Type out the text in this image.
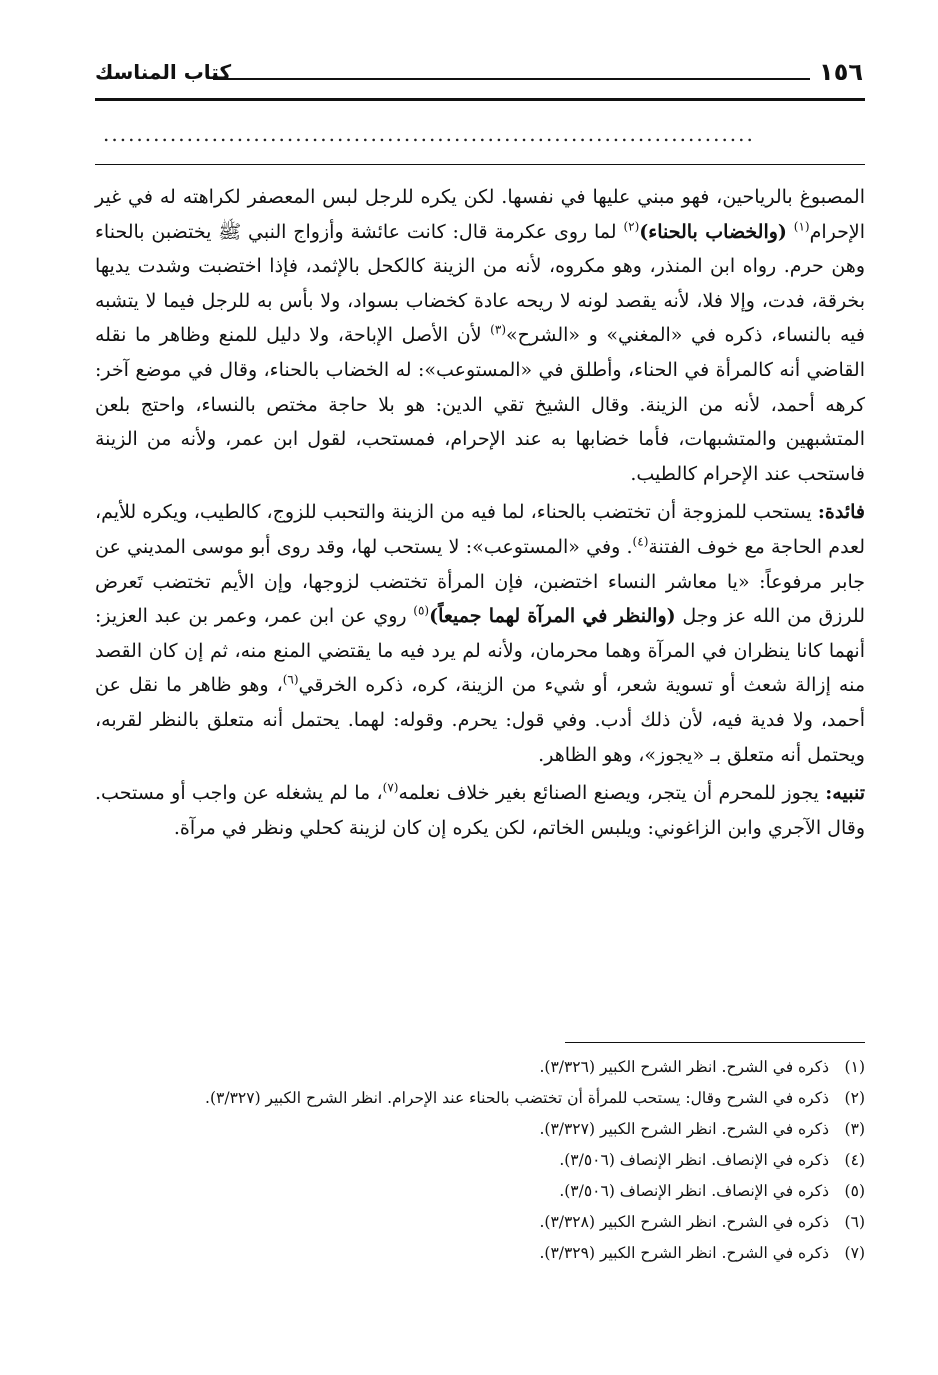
١٥٦
كتاب المناسك
..............................................................................

المصبوغ بالرياحين، فهو مبني عليها في نفسها. لكن يكره للرجل لبس المعصفر لكراهته له في غير الإحرام$^{(١)}$ (والخضاب بالحناء)$^{(٢)}$ لما روى عكرمة قال: كانت عائشة وأزواج النبي ﷺ يختضبن بالحناء وهن حرم. رواه ابن المنذر، وهو مكروه، لأنه من الزينة كالكحل بالإثمد، فإذا اختضبت وشدت يديها بخرقة، فدت، وإلا فلا، لأنه يقصد لونه لا ريحه عادة كخضاب بسواد، ولا بأس به للرجل فيما لا يتشبه فيه بالنساء، ذكره في «المغني» و «الشرح»$^{(٣)}$ لأن الأصل الإباحة، ولا دليل للمنع وظاهر ما نقله القاضي أنه كالمرأة في الحناء، وأطلق في «المستوعب»: له الخضاب بالحناء، وقال في موضع آخر: كرهه أحمد، لأنه من الزينة. وقال الشيخ تقي الدين: هو بلا حاجة مختص بالنساء، واحتج بلعن المتشبهين والمتشبهات، فأما خضابها به عند الإحرام، فمستحب، لقول ابن عمر، ولأنه من الزينة فاستحب عند الإحرام كالطيب.

فائدة: يستحب للمزوجة أن تختضب بالحناء، لما فيه من الزينة والتحبب للزوج، كالطيب، ويكره للأيم، لعدم الحاجة مع خوف الفتنة$^{(٤)}$. وفي «المستوعب»: لا يستحب لها، وقد روى أبو موسى المديني عن جابر مرفوعاً: «يا معاشر النساء اختضبن، فإن المرأة تختضب لزوجها، وإن الأيم تختضب تَعرض للرزق من الله عز وجل (والنظر في المرآة لهما جميعاً)$^{(٥)}$ روي عن ابن عمر، وعمر بن عبد العزيز: أنهما كانا ينظران في المرآة وهما محرمان، ولأنه لم يرد فيه ما يقتضي المنع منه، ثم إن كان القصد منه إزالة شعث أو تسوية شعر، أو شيء من الزينة، كره، ذكره الخرقي$^{(٦)}$، وهو ظاهر ما نقل عن أحمد، ولا فدية فيه، لأن ذلك أدب. وفي قول: يحرم. وقوله: لهما. يحتمل أنه متعلق بالنظر لقربه، ويحتمل أنه متعلق بـ «يجوز»، وهو الظاهر.

تنبيه: يجوز للمحرم أن يتجر، ويصنع الصنائع بغير خلاف نعلمه$^{(٧)}$، ما لم يشغله عن واجب أو مستحب. وقال الآجري وابن الزاغوني: ويلبس الخاتم، لكن يكره إن كان لزينة كحلي ونظر في مرآة.

(١)
ذكره في الشرح. انظر الشرح الكبير (٣/٣٢٦).
(٢)
ذكره في الشرح وقال: يستحب للمرأة أن تختضب بالحناء عند الإحرام. انظر الشرح الكبير (٣/٣٢٧).
(٣)
ذكره في الشرح. انظر الشرح الكبير (٣/٣٢٧).
(٤)
ذكره في الإنصاف. انظر الإنصاف (٣/٥٠٦).
(٥)
ذكره في الإنصاف. انظر الإنصاف (٣/٥٠٦).
(٦)
ذكره في الشرح. انظر الشرح الكبير (٣/٣٢٨).
(٧)
ذكره في الشرح. انظر الشرح الكبير (٣/٣٢٩).
